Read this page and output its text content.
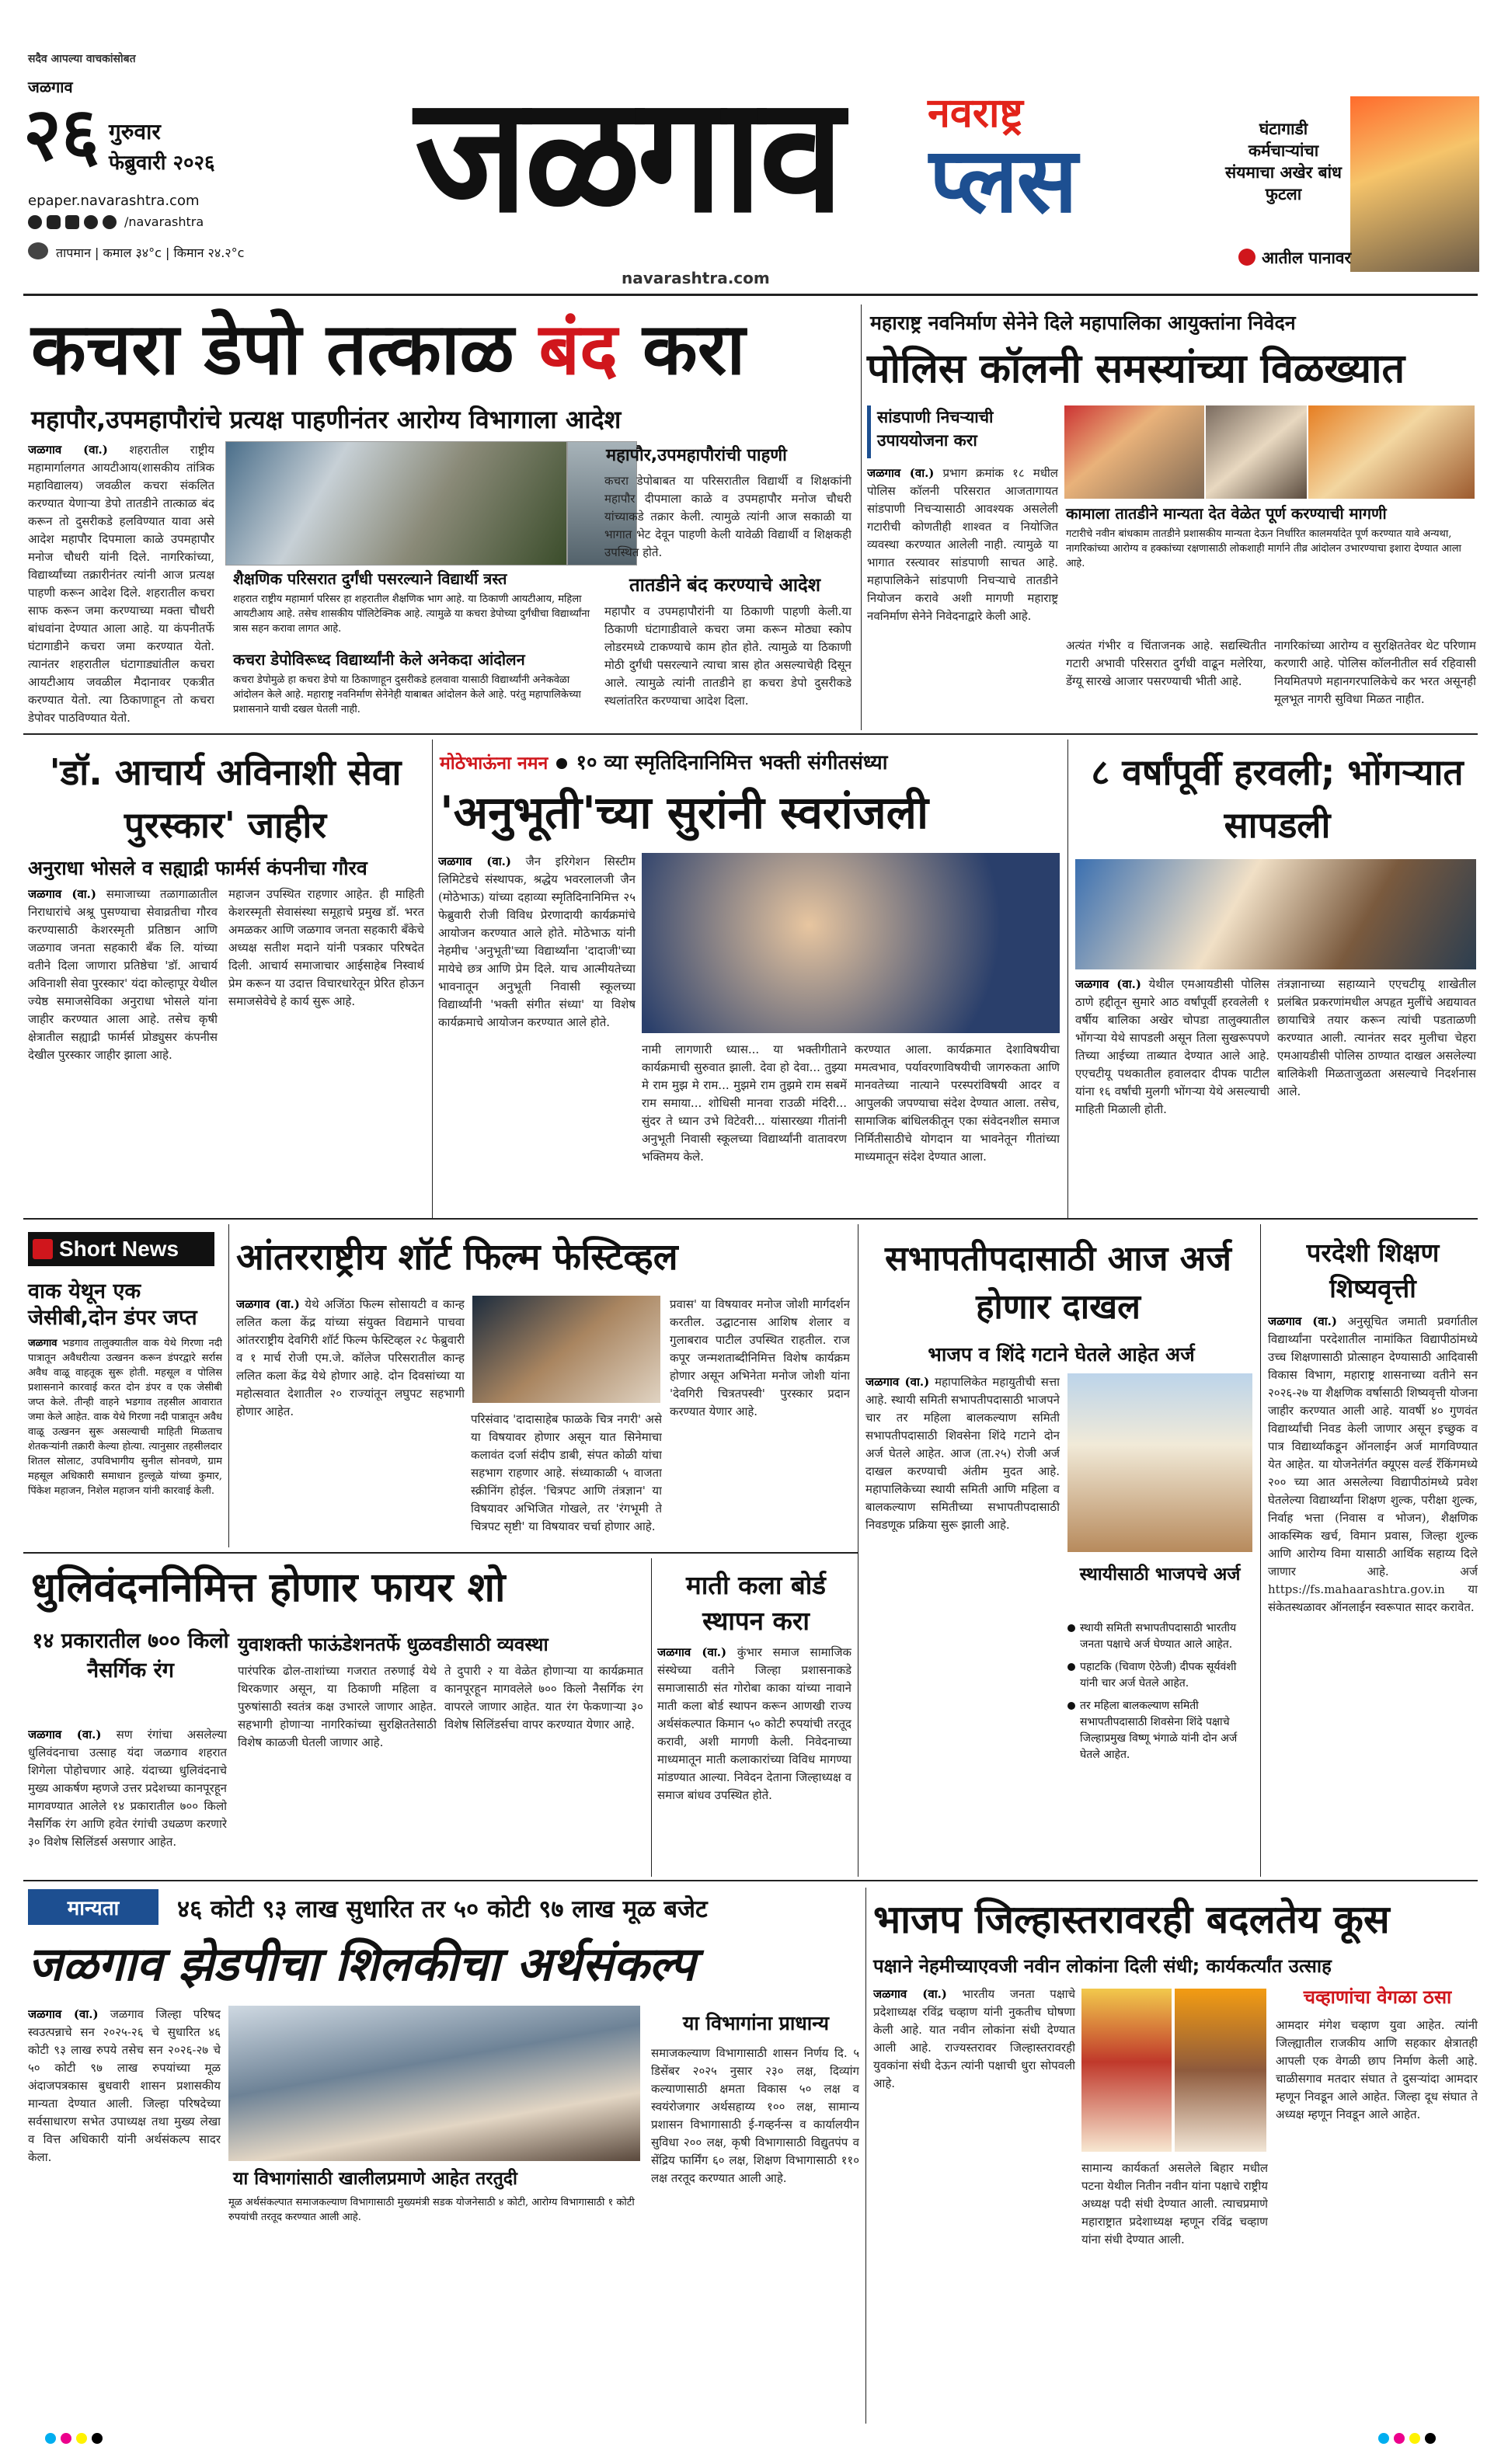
सदैव आपल्या वाचकांसोबत
जळगाव
२६ गुरुवार
फेब्रुवारी २०२६
epaper.navarashtra.com
/navarashtra
तापमान | कमाल ३४°c | किमान २४.२°c
जळगाव	नवराष्ट्र
प्लस
navarashtra.com
घंटागाडी कर्मचाऱ्यांचा संयमाचा अखेर बांध फुटला
आतील पानावर
कचरा डेपो तत्काळ बंद करा
महापौर,उपमहापौरांचे प्रत्यक्ष पाहणीनंतर आरोग्य विभागाला आदेश
जळगाव (वा.) शहरातील राष्ट्रीय महामार्गालगत आयटीआय(शासकीय तांत्रिक महाविद्यालय) जवळील कचरा संकलित करण्यात येणाऱ्या डेपो तातडीने तात्काळ बंद करून तो दुसरीकडे हलविण्यात यावा असे आदेश महापौर दिपमाला काळे उपमहापौर मनोज चौधरी यांनी दिले. नागरिकांच्या, विद्यार्थ्यांच्या तक्रारीनंतर त्यांनी आज प्रत्यक्ष पाहणी करून आदेश दिले. शहरातील कचरा साफ करून जमा करण्याच्या मक्ता चौधरी बांधवांना देण्यात आला आहे. या कंपनीतर्फे घंटागाडीने कचरा जमा करण्यात येतो. त्यानंतर शहरातील घंटागाड्यांतील कचरा आयटीआय जवळील मैदानावर एकत्रीत करण्यात येतो. त्या ठिकाणाहून तो कचरा डेपोवर पाठविण्यात येतो.
शैक्षणिक परिसरात दुर्गंधी पसरल्याने विद्यार्थी त्रस्त
शहरात राष्ट्रीय महामार्ग परिसर हा शहरातील शैक्षणिक भाग आहे. या ठिकाणी आयटीआय, महिला आयटीआय आहे. तसेच शासकीय पॉलिटेक्निक आहे. त्यामुळे या कचरा डेपोच्या दुर्गंधीचा विद्यार्थ्यांना त्रास सहन करावा लागत आहे.
कचरा डेपोविरूध्द विद्यार्थ्यांनी केले अनेकदा आंदोलन
कचरा डेपोमुळे हा कचरा डेपो या ठिकाणाहून दुसरीकडे हलवावा यासाठी विद्यार्थ्यांनी अनेकवेळा आंदोलन केले आहे. महाराष्ट्र नवनिर्माण सेनेनेही याबाबत आंदोलन केले आहे. परंतु महापालिकेच्या प्रशासनाने याची दखल घेतली नाही.
महापौर,उपमहापौरांची पाहणी
कचरा डेपोबाबत या परिसरातील विद्यार्थी व शिक्षकांनी महापौर दीपमाला काळे व उपमहापौर मनोज चौधरी यांच्याकडे तक्रार केली. त्यामुळे त्यांनी आज सकाळी या भागात भेट देवून पाहणी केली यावेळी विद्यार्थी व शिक्षकही उपस्थित होते.
तातडीने बंद करण्याचे आदेश
महापौर व उपमहापौरांनी या ठिकाणी पाहणी केली.या ठिकाणी घंटागाडीवाले कचरा जमा करून मोठ्या स्कोप लोडरमध्ये टाकण्याचे काम होत होते. त्यामुळे या ठिकाणी मोठी दुर्गंधी पसरल्याने त्याचा त्रास होत असल्याचेही दिसून आले. त्यामुळे त्यांनी तातडीने हा कचरा डेपो दुसरीकडे स्थलांतरित करण्याचा आदेश दिला.
महाराष्ट्र नवनिर्माण सेनेने दिले महापालिका आयुक्तांना निवेदन
पोलिस कॉलनी समस्यांच्या विळख्यात
सांडपाणी निचऱ्याची उपाययोजना करा
जळगाव (वा.) प्रभाग क्रमांक १८ मधील पोलिस कॉलनी परिसरात आजतागायत सांडपाणी निचऱ्यासाठी आवश्यक असलेली गटारीची कोणतीही शाश्वत व नियोजित व्यवस्था करण्यात आलेली नाही. त्यामुळे या भागात रस्त्यावर सांडपाणी साचत आहे. महापालिकेने सांडपाणी निचऱ्याचे तातडीने नियोजन करावे अशी मागणी महाराष्ट्र नवनिर्माण सेनेने निवेदनाद्वारे केली आहे.
कामाला तातडीने मान्यता देत वेळेत पूर्ण करण्याची मागणी
गटारीचे नवीन बांधकाम तातडीने प्रशासकीय मान्यता देऊन निर्धारित कालमर्यादेत पूर्ण करण्यात यावे अन्यथा, नागरिकांच्या आरोग्य व हक्कांच्या रक्षणासाठी लोकशाही मार्गाने तीव्र आंदोलन उभारण्याचा इशारा देण्यात आला आहे.
अत्यंत गंभीर व चिंताजनक आहे. सद्यस्थितीत गटारी अभावी परिसरात दुर्गंधी वाढून मलेरिया, डेंग्यू सारखे आजार पसरण्याची भीती आहे.
नागरिकांच्या आरोग्य व सुरक्षिततेवर थेट परिणाम करणारी आहे. पोलिस कॉलनीतील सर्व रहिवासी नियमितपणे महानगरपालिकेचे कर भरत असूनही मूलभूत नागरी सुविधा मिळत नाहीत.
'डॉ. आचार्य अविनाशी सेवा पुरस्कार' जाहीर
अनुराधा भोसले व सह्याद्री फार्मर्स कंपनीचा गौरव
जळगाव (वा.) समाजाच्या तळागाळातील निराधारांचे अश्रू पुसण्याचा सेवाव्रतीचा गौरव करण्यासाठी केशरस्मृती प्रतिष्ठान आणि जळगाव जनता सहकारी बँक लि. यांच्या वतीने दिला जाणारा प्रतिष्ठेचा 'डॉ. आचार्य अविनाशी सेवा पुरस्कार' यंदा कोल्हापूर येथील ज्येष्ठ समाजसेविका अनुराधा भोसले यांना जाहीर करण्यात आला आहे. तसेच कृषी क्षेत्रातील सह्याद्री फार्मर्स प्रोड्युसर कंपनीस देखील पुरस्कार जाहीर झाला आहे.
महाजन उपस्थित राहणार आहेत. ही माहिती केशरस्मृती सेवासंस्था समूहाचे प्रमुख डॉ. भरत अमळकर आणि जळगाव जनता सहकारी बँकेचे अध्यक्ष सतीश मदाने यांनी पत्रकार परिषदेत दिली. आचार्य समाजाचार आईसाहेब निस्वार्थ प्रेम करून या उदात्त विचारधारेतून प्रेरित होऊन समाजसेवेचे हे कार्य सुरू आहे.
मोठेभाऊंना नमन १० व्या स्मृतिदिनानिमित्त भक्ती संगीतसंध्या
'अनुभूती'च्या सुरांनी स्वरांजली
जळगाव (वा.) जैन इरिगेशन सिस्टीम लिमिटेडचे संस्थापक, श्रद्धेय भवरलालजी जैन (मोठेभाऊ) यांच्या दहाव्या स्मृतिदिनानिमित्त २५ फेब्रुवारी रोजी विविध प्रेरणादायी कार्यक्रमांचे आयोजन करण्यात आले होते. मोठेभाऊ यांनी नेहमीच 'अनुभूती'च्या विद्यार्थ्यांना 'दादाजी'च्या मायेचे छत्र आणि प्रेम दिले. याच आत्मीयतेच्या भावनातून अनुभूती निवासी स्कूलच्या विद्यार्थ्यांनी 'भक्ती संगीत संध्या' या विशेष कार्यक्रमाचे आयोजन करण्यात आले होते.
नामी लागणारी ध्यास... या भक्तीगीताने कार्यक्रमाची सुरुवात झाली. देवा हो देवा... तुझ्या मे राम मुझ मे राम... मुझमे राम तुझमे राम सबमें राम समाया... शोधिसी मानवा राउळी मंदिरी... सुंदर ते ध्यान उभे विटेवरी... यांसारख्या गीतांनी अनुभूती निवासी स्कूलच्या विद्यार्थ्यांनी वातावरण भक्तिमय केले.
करण्यात आला. कार्यक्रमात देशाविषयीचा ममत्वभाव, पर्यावरणाविषयीची जागरुकता आणि मानवतेच्या नात्याने परस्परांविषयी आदर व आपुलकी जपण्याचा संदेश देण्यात आला. तसेच, सामाजिक बांधिलकीतून एका संवेदनशील समाज निर्मितीसाठीचे योगदान या भावनेतून गीतांच्या माध्यमातून संदेश देण्यात आला.
८ वर्षांपूर्वी हरवली; भोंगऱ्यात सापडली
जळगाव (वा.) येथील एमआयडीसी पोलिस ठाणे हद्दीतून सुमारे आठ वर्षांपूर्वी हरवलेली १ वर्षीय बालिका अखेर चोपडा तालुक्यातील भोंगऱ्या येथे सापडली असून तिला सुखरूपपणे तिच्या आईच्या ताब्यात देण्यात आले आहे. एएचटीयू पथकातील हवालदार दीपक पाटील यांना १६ वर्षांची मुलगी भोंगऱ्या येथे असल्याची माहिती मिळाली होती.
तंत्रज्ञानाच्या सहाय्याने एएचटीयू शाखेतील प्रलंबित प्रकरणांमधील अपहृत मुलींचे अद्ययावत छायाचित्रे तयार करून त्यांची पडताळणी करण्यात आली. त्यानंतर सदर मुलीचा चेहरा एमआयडीसी पोलिस ठाण्यात दाखल असलेल्या बालिकेशी मिळताजुळता असल्याचे निदर्शनास आले.
Short News
वाक येथून एक जेसीबी,दोन डंपर जप्त
जळगाव भडगाव तालुक्यातील वाक येथे गिरणा नदी पात्रातून अवैधरीत्या उत्खनन करून डंपरद्वारे सर्रास अवैध वाळू वाहतूक सुरू होती. महसूल व पोलिस प्रशासनाने कारवाई करत दोन डंपर व एक जेसीबी जप्त केले. तीन्ही वाहने भडगाव तहसील आवारात जमा केले आहेत. वाक येथे गिरणा नदी पात्रातून अवैध वाळू उत्खनन सुरू असल्याची माहिती मिळताच शेतकऱ्यांनी तक्रारी केल्या होत्या. त्यानुसार तहसीलदार शितल सोलाट, उपविभागीय सुनील सोनवणे, ग्राम महसूल अधिकारी समाधान हुल्लूळे यांच्या कुमार, पिंकेश महाजन, निशेल महाजन यांनी कारवाई केली.
आंतरराष्ट्रीय शॉर्ट फिल्म फेस्टिव्हल
जळगाव (वा.) येथे अजिंठा फिल्म सोसायटी व कान्ह ललित कला केंद्र यांच्या संयुक्त विद्यमाने पाचवा आंतरराष्ट्रीय देवगिरी शॉर्ट फिल्म फेस्टिव्हल २८ फेब्रुवारी व १ मार्च रोजी एम.जे. कॉलेज परिसरातील कान्ह ललित कला केंद्र येथे होणार आहे. दोन दिवसांच्या या महोत्सवात देशातील २० राज्यांतून लघुपट सहभागी होणार आहेत.
परिसंवाद 'दादासाहेब फाळके चित्र नगरी' असे या विषयावर होणार असून यात सिनेमाचा कलावंत दर्जा संदीप डाबी, संपत कोळी यांचा सहभाग राहणार आहे. संध्याकाळी ५ वाजता स्क्रीनिंग होईल. 'चित्रपट आणि तंत्रज्ञान' या विषयावर अभिजित गोखले, तर 'रंगभूमी ते चित्रपट सृष्टी' या विषयावर चर्चा होणार आहे.
प्रवास' या विषयावर मनोज जोशी मार्गदर्शन करतील. उद्घाटनास आशिष शेलार व गुलाबराव पाटील उपस्थित राहतील. राज कपूर जन्मशताब्दीनिमित्त विशेष कार्यक्रम होणार असून अभिनेता मनोज जोशी यांना 'देवगिरी चित्रतपस्वी' पुरस्कार प्रदान करण्यात येणार आहे.
सभापतीपदासाठी आज अर्ज होणार दाखल
भाजप व शिंदे गटाने घेतले आहेत अर्ज
जळगाव (वा.) महापालिकेत महायुतीची सत्ता आहे. स्थायी समिती सभापतीपदासाठी भाजपने चार तर महिला बालकल्याण समिती सभापतीपदासाठी शिवसेना शिंदे गटाने दोन अर्ज घेतले आहेत. आज (ता.२५) रोजी अर्ज दाखल करण्याची अंतीम मुदत आहे. महापालिकेच्या स्थायी समिती आणि महिला व बालकल्याण समितीच्या सभापतीपदासाठी निवडणूक प्रक्रिया सुरू झाली आहे.
स्थायीसाठी भाजपचे अर्ज
स्थायी समिती सभापतीपदासाठी भारतीय जनता पक्षाचे अर्ज घेण्यात आले आहेत.
पहाटकि (चिवाण ऐठेजी) दीपक सूर्यवंशी यांनी चार अर्ज घेतले आहेत.
तर महिला बालकल्याण समिती सभापतीपदासाठी शिवसेना शिंदे पक्षाचे जिल्हाप्रमुख विष्णू भंगाळे यांनी दोन अर्ज घेतले आहेत.
परदेशी शिक्षण शिष्यवृत्ती
जळगाव (वा.) अनुसूचित जमाती प्रवर्गातील विद्यार्थ्यांना परदेशातील नामांकित विद्यापीठांमध्ये उच्च शिक्षणासाठी प्रोत्साहन देण्यासाठी आदिवासी विकास विभाग, महाराष्ट्र शासनाच्या वतीने सन २०२६-२७ या शैक्षणिक वर्षासाठी शिष्यवृत्ती योजना जाहीर करण्यात आली आहे. यावर्षी ४० गुणवंत विद्यार्थ्यांची निवड केली जाणार असून इच्छुक व पात्र विद्यार्थ्यांकडून ऑनलाईन अर्ज मागविण्यात येत आहेत. या योजनेतंर्गत क्यूएस वर्ल्ड रँकिंगमध्ये २०० च्या आत असलेल्या विद्यापीठांमध्ये प्रवेश घेतलेल्या विद्यार्थ्यांना शिक्षण शुल्क, परीक्षा शुल्क, निर्वाह भत्ता (निवास व भोजन), शैक्षणिक आकस्मिक खर्च, विमान प्रवास, जिल्हा शुल्क आणि आरोग्य विमा यासाठी आर्थिक सहाय्य दिले जाणार आहे. अर्ज https://fs.mahaarashtra.gov.in या संकेतस्थळावर ऑनलाईन स्वरूपात सादर करावेत.
धुलिवंदननिमित्त होणार फायर शो
१४ प्रकारातील ७०० किलो नैसर्गिक रंग
जळगाव (वा.) सण रंगांचा असलेल्या धुलिवंदनाचा उत्साह यंदा जळगाव शहरात शिगेला पोहोचणार आहे. यंदाच्या धुलिवंदनाचे मुख्य आकर्षण म्हणजे उत्तर प्रदेशच्या कानपूरहून मागवण्यात आलेले १४ प्रकारातील ७०० किलो नैसर्गिक रंग आणि हवेत रंगांची उधळण करणारे ३० विशेष सिलिंडर्स असणार आहेत.
युवाशक्ती फाऊंडेशनतर्फे धुळवडीसाठी व्यवस्था
पारंपरिक ढोल-ताशांच्या गजरात तरुणाई येथे थिरकणार असून, या ठिकाणी महिला व पुरुषांसाठी स्वतंत्र कक्ष उभारले जाणार आहेत. सहभागी होणाऱ्या नागरिकांच्या सुरक्षिततेसाठी विशेष काळजी घेतली जाणार आहे.
ते दुपारी २ या वेळेत होणाऱ्या या कार्यक्रमात कानपूरहून मागवलेले ७०० किलो नैसर्गिक रंग वापरले जाणार आहेत. यात रंग फेकणाऱ्या ३० विशेष सिलिंडर्सचा वापर करण्यात येणार आहे.
माती कला बोर्ड स्थापन करा
जळगाव (वा.) कुंभार समाज सामाजिक संस्थेच्या वतीने जिल्हा प्रशासनाकडे समाजासाठी संत गोरोबा काका यांच्या नावाने माती कला बोर्ड स्थापन करून आणखी राज्य अर्थसंकल्पात किमान ५० कोटी रुपयांची तरतूद करावी, अशी मागणी केली. निवेदनाच्या माध्यमातून माती कलाकारांच्या विविध मागण्या मांडण्यात आल्या. निवेदन देताना जिल्हाध्यक्ष व समाज बांधव उपस्थित होते.
मान्यता ४६ कोटी ९३ लाख सुधारित तर ५० कोटी ९७ लाख मूळ बजेट
जळगाव झेडपीचा शिलकीचा अर्थसंकल्प
जळगाव (वा.) जळगाव जिल्हा परिषद स्वउत्पन्नाचे सन २०२५-२६ चे सुधारित ४६ कोटी ९३ लाख रुपये तसेच सन २०२६-२७ चे ५० कोटी ९७ लाख रुपयांच्या मूळ अंदाजपत्रकास बुधवारी शासन प्रशासकीय मान्यता देण्यात आली. जिल्हा परिषदेच्या सर्वसाधारण सभेत उपाध्यक्ष तथा मुख्य लेखा व वित्त अधिकारी यांनी अर्थसंकल्प सादर केला.
या विभागांसाठी खालीलप्रमाणे आहेत तरतुदी
मूळ अर्थसंकल्पात समाजकल्याण विभागासाठी मुख्यमंत्री सडक योजनेसाठी ४ कोटी, आरोग्य विभागासाठी १ कोटी रुपयांची तरतूद करण्यात आली आहे.
या विभागांना प्राधान्य
समाजकल्याण विभागासाठी शासन निर्णय दि. ५ डिसेंबर २०२५ नुसार २३० लक्ष, दिव्यांग कल्याणासाठी क्षमता विकास ५० लक्ष व स्वयंरोजगार अर्थसहाय्य १०० लक्ष, सामान्य प्रशासन विभागासाठी ई-गव्हर्नन्स व कार्यालयीन सुविधा २०० लक्ष, कृषी विभागासाठी विद्युतपंप व सेंद्रिय फार्मिंग ६० लक्ष, शिक्षण विभागासाठी ११० लक्ष तरतूद करण्यात आली आहे.
भाजप जिल्हास्तरावरही बदलतेय कूस
पक्षाने नेहमीच्याएवजी नवीन लोकांना दिली संधी; कार्यकर्त्यांत उत्साह
जळगाव (वा.) भारतीय जनता पक्षाचे प्रदेशाध्यक्ष रविंद्र चव्हाण यांनी नुकतीच घोषणा केली आहे. यात नवीन लोकांना संधी देण्यात आली आहे. राज्यस्तरावर जिल्हास्तरावरही युवकांना संधी देऊन त्यांनी पक्षाची धुरा सोपवली आहे.
सामान्य कार्यकर्ता असलेले बिहार मधील पटना येथील नितीन नवीन यांना पक्षाचे राष्ट्रीय अध्यक्ष पदी संधी देण्यात आली. त्याचप्रमाणे महाराष्ट्रात प्रदेशाध्यक्ष म्हणून रविंद्र चव्हाण यांना संधी देण्यात आली.
चव्हाणांचा वेगळा ठसा
आमदार मंगेश चव्हाण युवा आहेत. त्यांनी जिल्ह्यातील राजकीय आणि सहकार क्षेत्रातही आपली एक वेगळी छाप निर्माण केली आहे. चाळीसगाव मतदार संघात ते दुसऱ्यांदा आमदार म्हणून निवडून आले आहेत. जिल्हा दूध संघात ते अध्यक्ष म्हणून निवडून आले आहेत.
